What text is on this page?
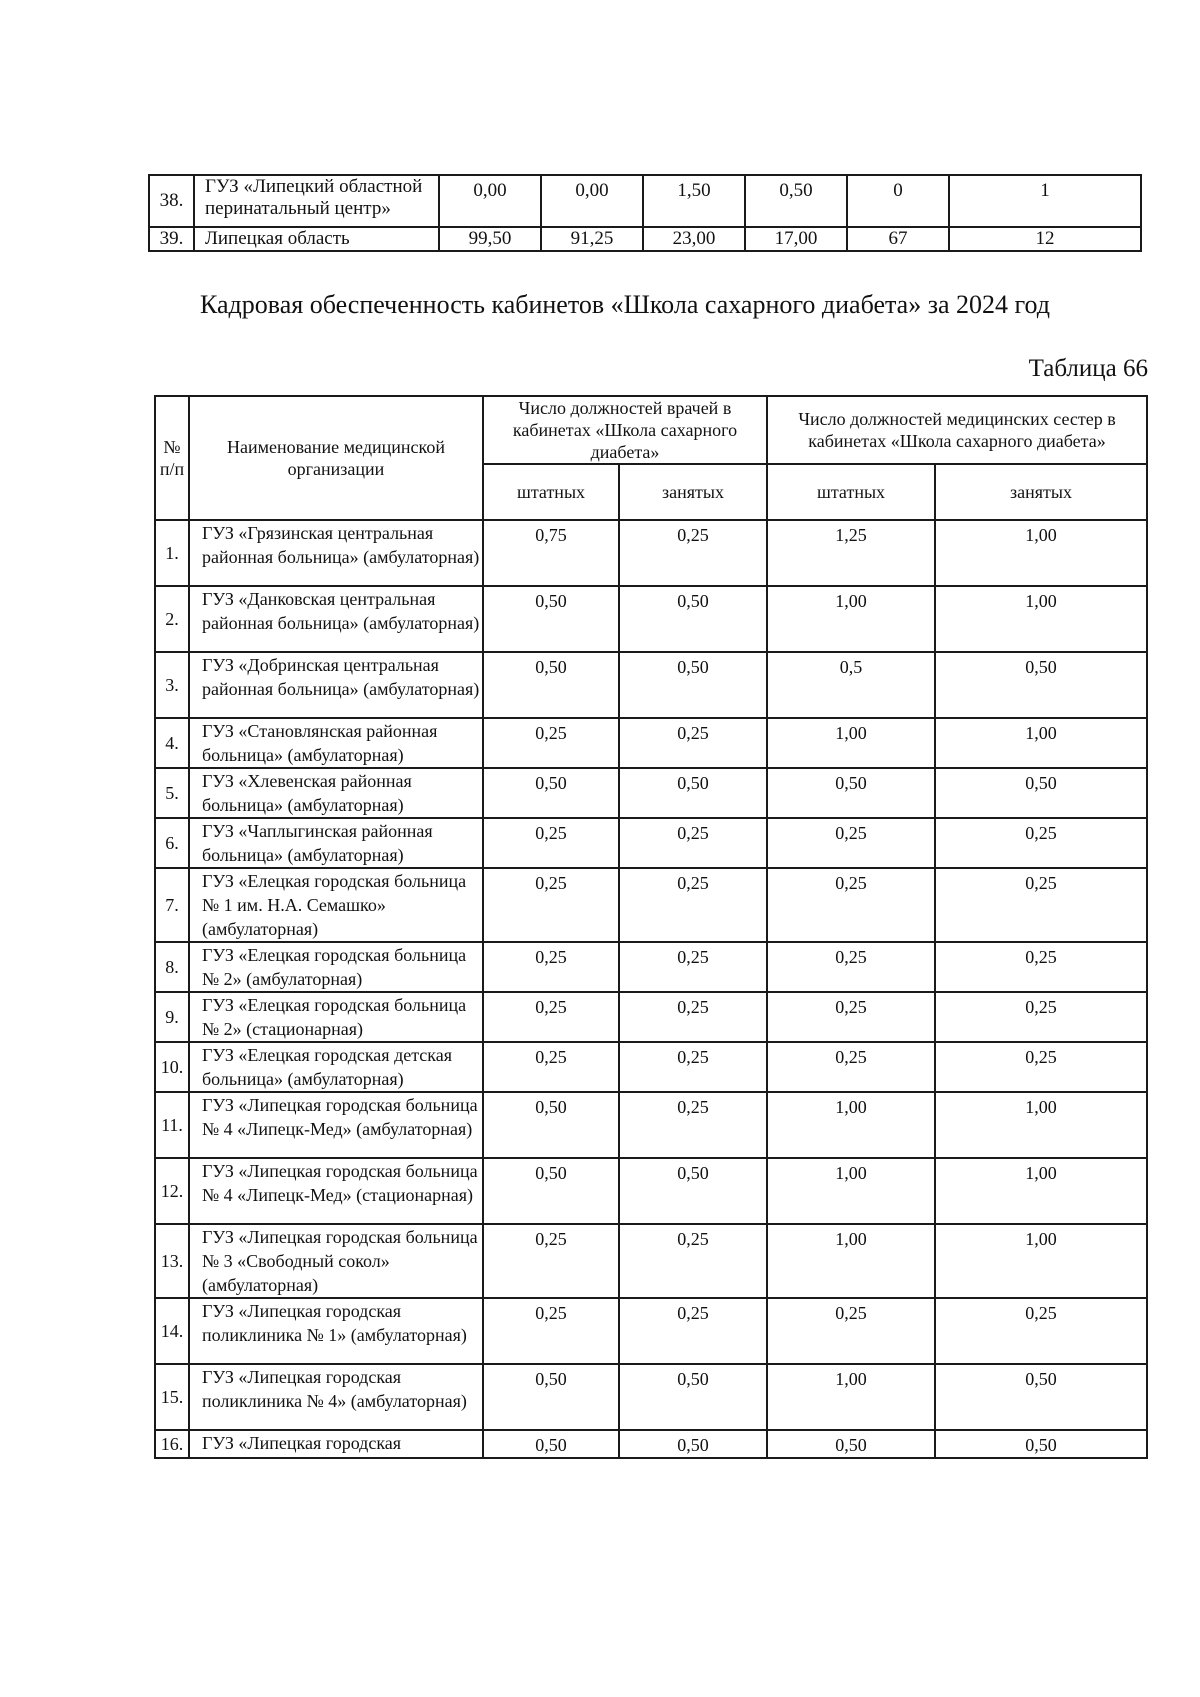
38.	ГУЗ «Липецкий областной перинатальный центр»	0,00	0,00	1,50	0,50	0	1
39.	Липецкая область	99,50	91,25	23,00	17,00	67	12
Кадровая обеспеченность кабинетов «Школа сахарного диабета» за 2024 год

Таблица 66

№ п/п	Наименование медицинской организации	Число должностей врачей в кабинетах «Школа сахарного диабета»		Число должностей медицинских сестер в кабинетах «Школа сахарного диабета»	
		штатных	занятых	штатных	занятых
1.	ГУЗ «Грязинская центральная районная больница» (амбулаторная)	0,75	0,25	1,25	1,00
2.	ГУЗ «Данковская центральная районная больница» (амбулаторная)	0,50	0,50	1,00	1,00
3.	ГУЗ «Добринская центральная районная больница» (амбулаторная)	0,50	0,50	0,5	0,50
4.	ГУЗ «Становлянская районная больница» (амбулаторная)	0,25	0,25	1,00	1,00
5.	ГУЗ «Хлевенская районная больница» (амбулаторная)	0,50	0,50	0,50	0,50
6.	ГУЗ «Чаплыгинская районная больница» (амбулаторная)	0,25	0,25	0,25	0,25
7.	ГУЗ «Елецкая городская больница № 1 им. Н.А. Семашко» (амбулаторная)	0,25	0,25	0,25	0,25
8.	ГУЗ «Елецкая городская больница № 2» (амбулаторная)	0,25	0,25	0,25	0,25
9.	ГУЗ «Елецкая городская больница № 2» (стационарная)	0,25	0,25	0,25	0,25
10.	ГУЗ «Елецкая городская детская больница» (амбулаторная)	0,25	0,25	0,25	0,25
11.	ГУЗ «Липецкая городская больница № 4 «Липецк-Мед» (амбулаторная)	0,50	0,25	1,00	1,00
12.	ГУЗ «Липецкая городская больница № 4 «Липецк-Мед» (стационарная)	0,50	0,50	1,00	1,00
13.	ГУЗ «Липецкая городская больница № 3 «Свободный сокол» (амбулаторная)	0,25	0,25	1,00	1,00
14.	ГУЗ «Липецкая городская поликлиника № 1» (амбулаторная)	0,25	0,25	0,25	0,25
15.	ГУЗ «Липецкая городская поликлиника № 4» (амбулаторная)	0,50	0,50	1,00	0,50
16.	ГУЗ «Липецкая городская	0,50	0,50	0,50	0,50
